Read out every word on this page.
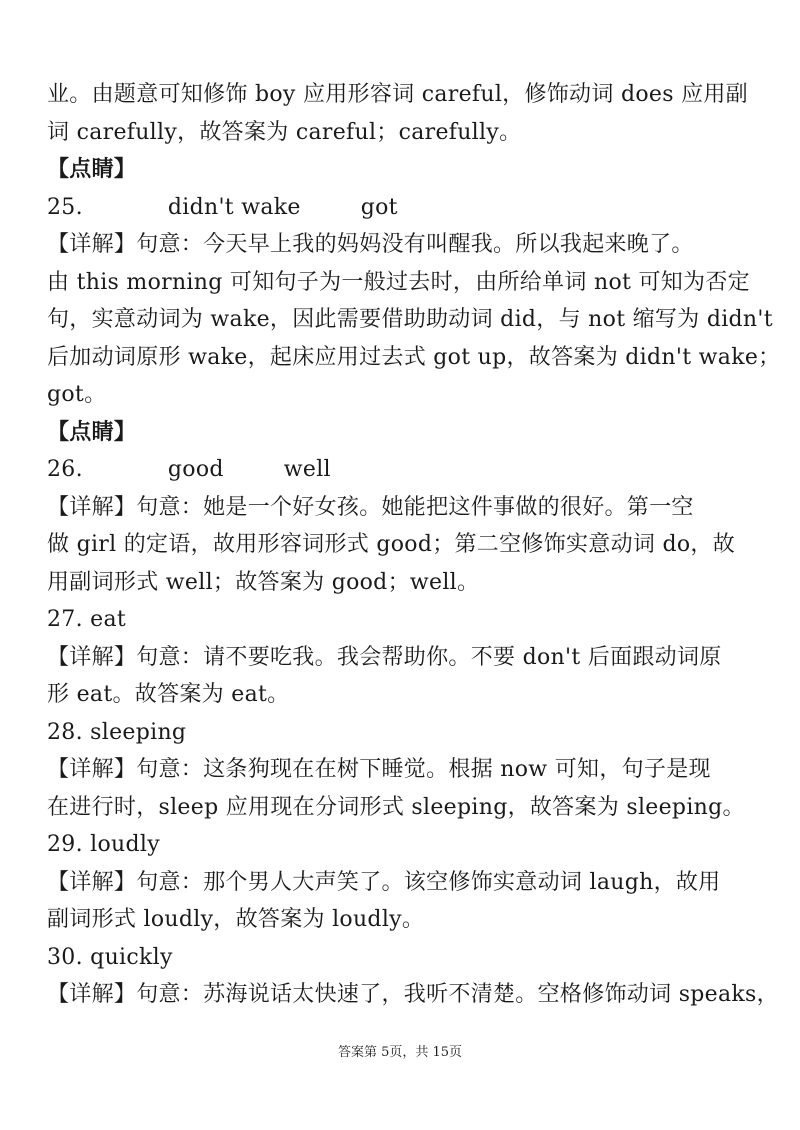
业。由题意可知修饰 boy 应用形容词 careful，修饰动词 does 应用副
词 carefully，故答案为 careful；carefully。
【点睛】
25.	didn't wake	got
【详解】句意：今天早上我的妈妈没有叫醒我。所以我起来晚了。
由 this morning 可知句子为一般过去时，由所给单词 not 可知为否定
句，实意动词为 wake，因此需要借助助动词 did，与 not 缩写为 didn't
后加动词原形 wake，起床应用过去式 got up，故答案为 didn't wake；
got。
【点睛】
26.	good	well
【详解】句意：她是一个好女孩。她能把这件事做的很好。第一空
做 girl 的定语，故用形容词形式 good；第二空修饰实意动词 do，故
用副词形式 well；故答案为 good；well。
27. eat
【详解】句意：请不要吃我。我会帮助你。不要 don't 后面跟动词原
形 eat。故答案为 eat。
28. sleeping
【详解】句意：这条狗现在在树下睡觉。根据 now 可知，句子是现
在进行时，sleep 应用现在分词形式 sleeping，故答案为 sleeping。
29. loudly
【详解】句意：那个男人大声笑了。该空修饰实意动词 laugh，故用
副词形式 loudly，故答案为 loudly。
30. quickly
【详解】句意：苏海说话太快速了，我听不清楚。空格修饰动词 speaks，
答案第 5页，共 15页
